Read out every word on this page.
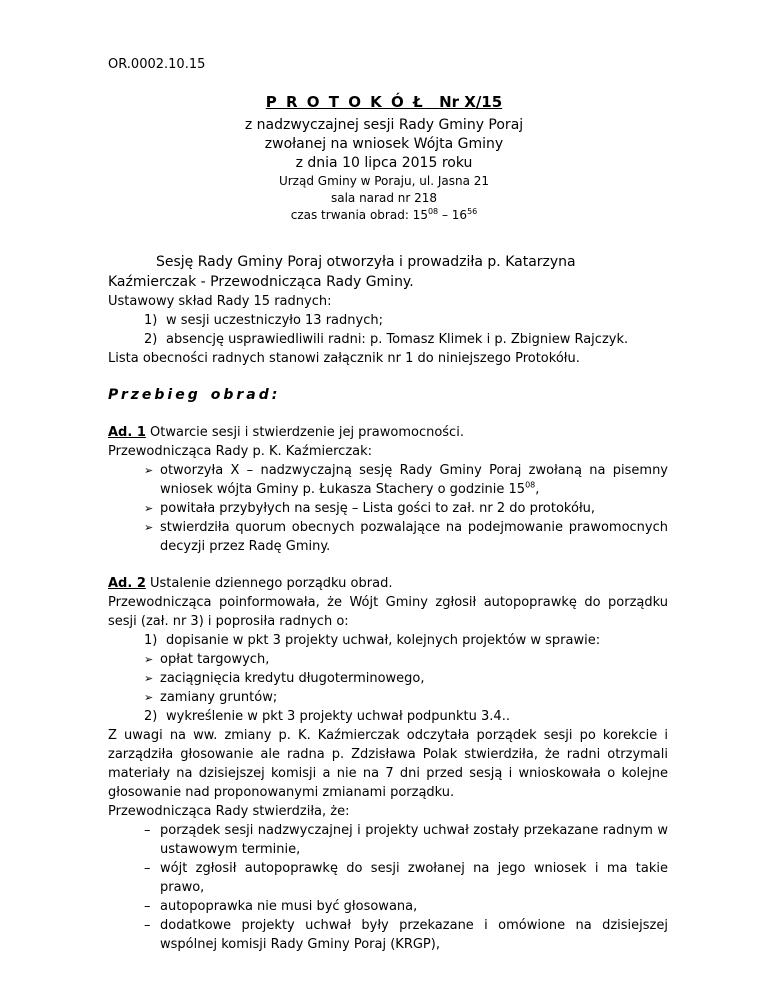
OR.0002.10.15
P R O T O K Ó Ł Nr X/15
z nadzwyczajnej sesji Rady Gminy Poraj
zwołanej na wniosek Wójta Gminy
z dnia 10 lipca 2015 roku
Urząd Gminy w Poraju, ul. Jasna 21
sala narad nr 218
czas trwania obrad: $15^{08} - 16^{56}$

Sesję Rady Gminy Poraj otworzyła i prowadziła p. Katarzyna Kaźmierczak - Przewodnicząca Rady Gminy.

Ustawowy skład Rady 15 radnych:

1) w sesji uczestniczyło 13 radnych;
2) absencję usprawiedliwili radni: p. Tomasz Klimek i p. Zbigniew Rajczyk.

Lista obecności radnych stanowi załącznik nr 1 do niniejszego Protokółu.

Przebieg obrad:

Ad. 1 Otwarcie sesji i stwierdzenie jej prawomocności.

Przewodnicząca Rady p. K. Kaźmierczak:

➢ otworzyła X – nadzwyczajną sesję Rady Gminy Poraj zwołaną na pisemny wniosek wójta Gminy p. Łukasza Stachery o godzinie $15^{08}$,
➢ powitała przybyłych na sesję – Lista gości to zał. nr 2 do protokółu,
➢ stwierdziła quorum obecnych pozwalające na podejmowanie prawomocnych decyzji przez Radę Gminy.

Ad. 2 Ustalenie dziennego porządku obrad.

Przewodnicząca poinformowała, że Wójt Gminy zgłosił autopoprawkę do porządku sesji (zał. nr 3) i poprosiła radnych o:

1) dopisanie w pkt 3 projekty uchwał, kolejnych projektów w sprawie:
➢ opłat targowych,
➢ zaciągnięcia kredytu długoterminowego,
➢ zamiany gruntów;
2) wykreślenie w pkt 3 projekty uchwał podpunktu 3.4..

Z uwagi na ww. zmiany p. K. Kaźmierczak odczytała porządek sesji po korekcie i zarządziła głosowanie ale radna p. Zdzisława Polak stwierdziła, że radni otrzymali materiały na dzisiejszej komisji a nie na 7 dni przed sesją i wnioskowała o kolejne głosowanie nad proponowanymi zmianami porządku.

Przewodnicząca Rady stwierdziła, że:

– porządek sesji nadzwyczajnej i projekty uchwał zostały przekazane radnym w ustawowym terminie,
– wójt zgłosił autopoprawkę do sesji zwołanej na jego wniosek i ma takie prawo,
– autopoprawka nie musi być głosowana,
– dodatkowe projekty uchwał były przekazane i omówione na dzisiejszej wspólnej komisji Rady Gminy Poraj (KRGP),
